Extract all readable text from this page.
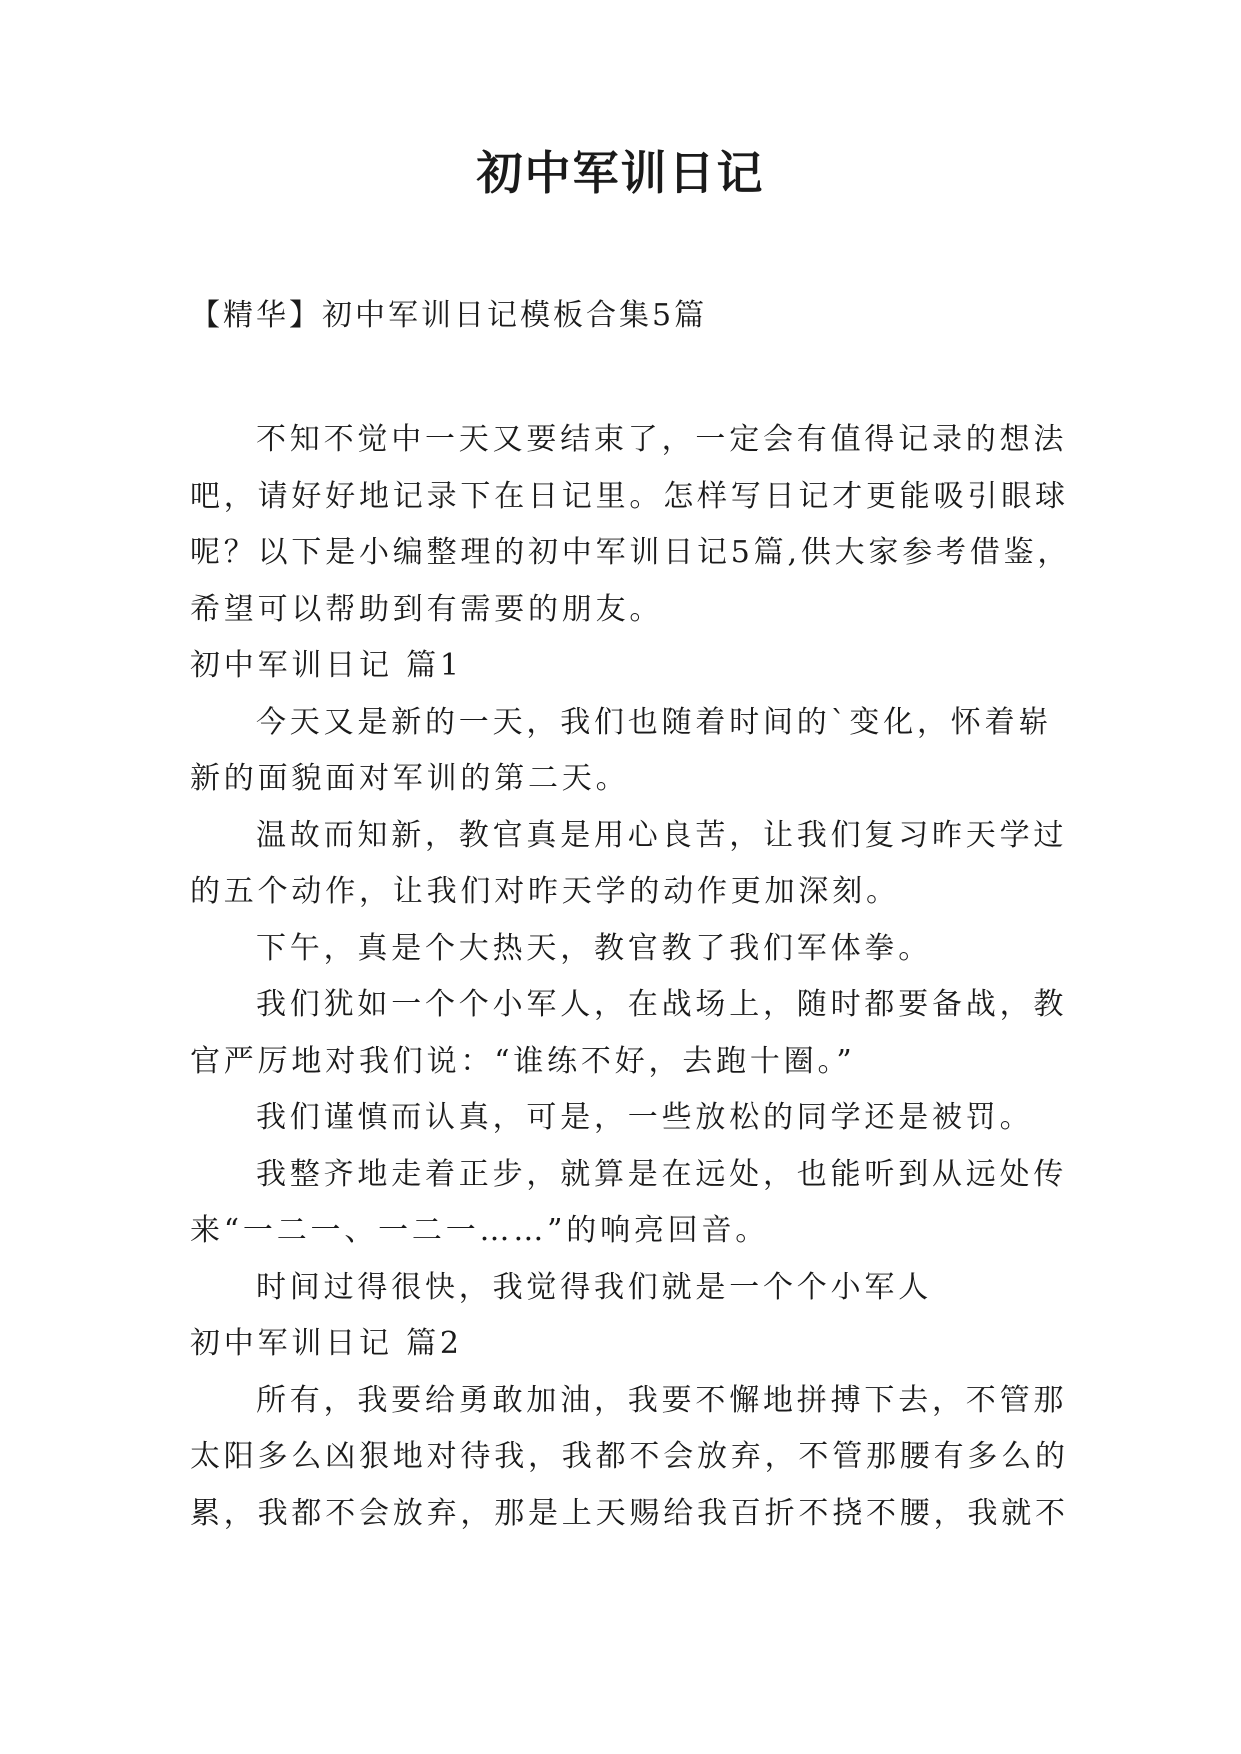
初中军训日记

【精华】初中军训日记模板合集5篇

不知不觉中一天又要结束了，一定会有值得记录的想法
吧，请好好地记录下在日记里。怎样写日记才更能吸引眼球
呢？以下是小编整理的初中军训日记5篇,供大家参考借鉴，
希望可以帮助到有需要的朋友。
初中军训日记 篇1
今天又是新的一天，我们也随着时间的`变化，怀着崭
新的面貌面对军训的第二天。
温故而知新，教官真是用心良苦，让我们复习昨天学过
的五个动作，让我们对昨天学的动作更加深刻。
下午，真是个大热天，教官教了我们军体拳。
我们犹如一个个小军人，在战场上，随时都要备战，教
官严厉地对我们说：“谁练不好，去跑十圈。”
我们谨慎而认真，可是，一些放松的同学还是被罚。
我整齐地走着正步，就算是在远处，也能听到从远处传
来“一二一、一二一……”的响亮回音。
时间过得很快，我觉得我们就是一个个小军人
初中军训日记 篇2
所有，我要给勇敢加油，我要不懈地拼搏下去，不管那
太阳多么凶狠地对待我，我都不会放弃，不管那腰有多么的
累，我都不会放弃，那是上天赐给我百折不挠不腰，我就不
